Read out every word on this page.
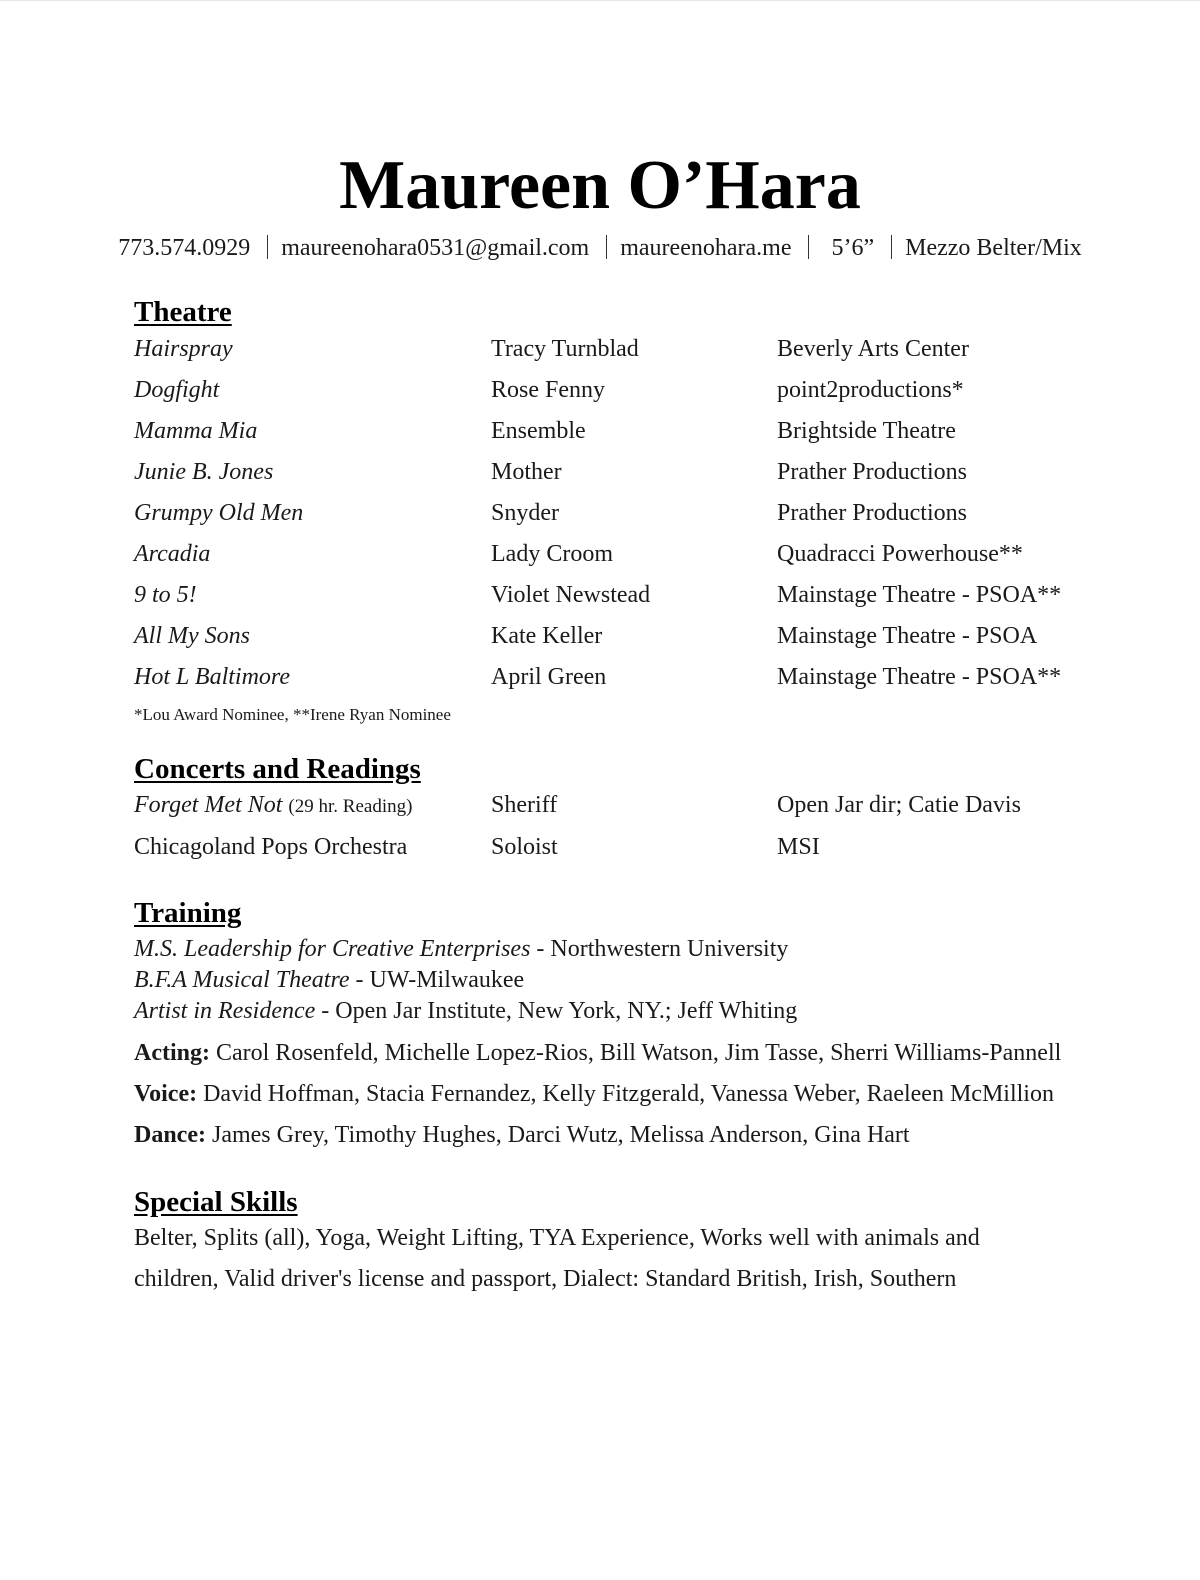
Maureen O’Hara
773.574.0929 maureenohara0531@gmail.com maureenohara.me 5’6” Mezzo Belter/Mix
Theatre
Hairspray	Tracy Turnblad	Beverly Arts Center
Dogfight	Rose Fenny	point2productions*
Mamma Mia	Ensemble	Brightside Theatre
Junie B. Jones	Mother	Prather Productions
Grumpy Old Men	Snyder	Prather Productions
Arcadia	Lady Croom	Quadracci Powerhouse**
9 to 5!	Violet Newstead	Mainstage Theatre - PSOA**
All My Sons	Kate Keller	Mainstage Theatre - PSOA
Hot L Baltimore	April Green	Mainstage Theatre - PSOA**
*Lou Award Nominee, **Irene Ryan Nominee
Concerts and Readings
Forget Met Not (29 hr. Reading)	Sheriff	Open Jar dir; Catie Davis
Chicagoland Pops Orchestra	Soloist	MSI
Training
M.S. Leadership for Creative Enterprises - Northwestern University
B.F.A Musical Theatre - UW-Milwaukee
Artist in Residence - Open Jar Institute, New York, NY.; Jeff Whiting
Acting: Carol Rosenfeld, Michelle Lopez-Rios, Bill Watson, Jim Tasse, Sherri Williams-Pannell
Voice: David Hoffman, Stacia Fernandez, Kelly Fitzgerald, Vanessa Weber, Raeleen McMillion
Dance: James Grey, Timothy Hughes, Darci Wutz, Melissa Anderson, Gina Hart
Special Skills
Belter, Splits (all), Yoga, Weight Lifting, TYA Experience, Works well with animals and
children, Valid driver's license and passport, Dialect: Standard British, Irish, Southern
